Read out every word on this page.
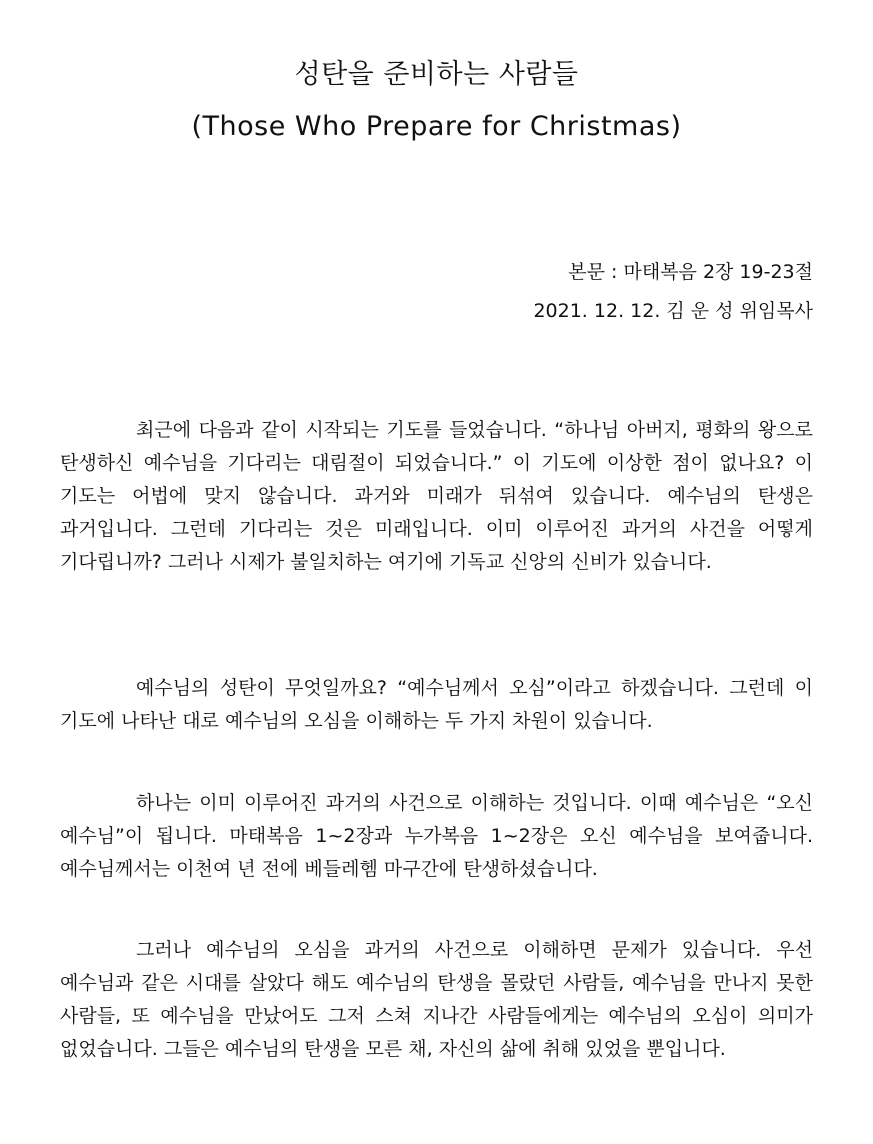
성탄을 준비하는 사람들
(Those Who Prepare for Christmas)

본문 : 마태복음 2장 19-23절

2021. 12. 12. 김 운 성 위임목사

최근에 다음과 같이 시작되는 기도를 들었습니다. “하나님 아버지, 평화의 왕으로 탄생하신 예수님을 기다리는 대림절이 되었습니다.” 이 기도에 이상한 점이 없나요? 이 기도는 어법에 맞지 않습니다. 과거와 미래가 뒤섞여 있습니다. 예수님의 탄생은 과거입니다. 그런데 기다리는 것은 미래입니다. 이미 이루어진 과거의 사건을 어떻게 기다립니까? 그러나 시제가 불일치하는 여기에 기독교 신앙의 신비가 있습니다.

예수님의 성탄이 무엇일까요? “예수님께서 오심”이라고 하겠습니다. 그런데 이 기도에 나타난 대로 예수님의 오심을 이해하는 두 가지 차원이 있습니다.

하나는 이미 이루어진 과거의 사건으로 이해하는 것입니다. 이때 예수님은 “오신 예수님”이 됩니다. 마태복음 1~2장과 누가복음 1~2장은 오신 예수님을 보여줍니다. 예수님께서는 이천여 년 전에 베들레헴 마구간에 탄생하셨습니다.

그러나 예수님의 오심을 과거의 사건으로 이해하면 문제가 있습니다. 우선 예수님과 같은 시대를 살았다 해도 예수님의 탄생을 몰랐던 사람들, 예수님을 만나지 못한 사람들, 또 예수님을 만났어도 그저 스쳐 지나간 사람들에게는 예수님의 오심이 의미가 없었습니다. 그들은 예수님의 탄생을 모른 채, 자신의 삶에 취해 있었을 뿐입니다.
